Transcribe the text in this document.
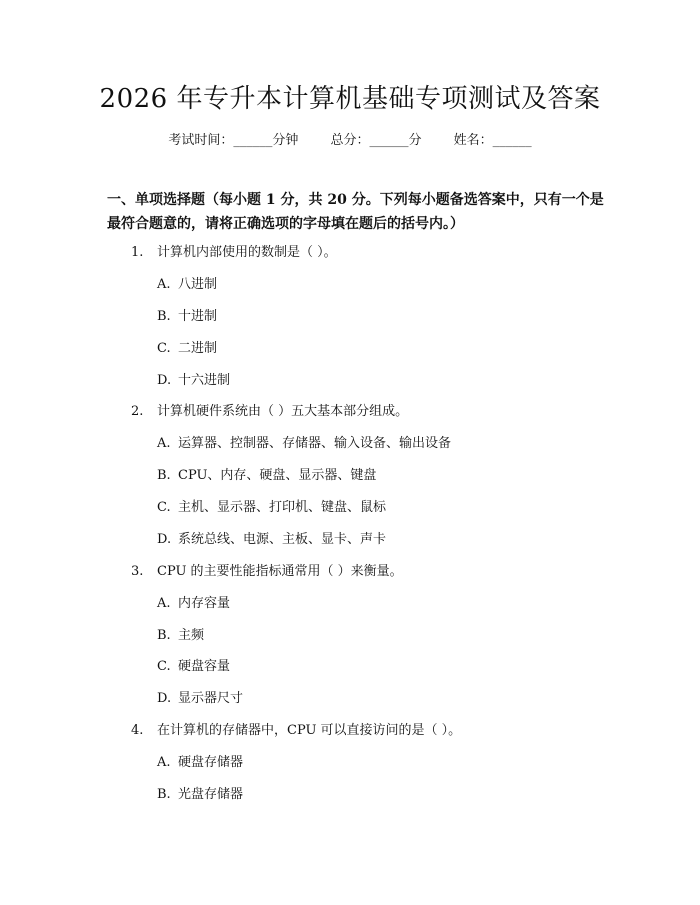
2026 年专升本计算机基础专项测试及答案
考试时间：______分钟 总分：______分 姓名：______
一、单项选择题（每小题 1 分，共 20 分。下列每小题备选答案中，只有一个是最符合题意的，请将正确选项的字母填在题后的括号内。）
1. 计算机内部使用的数制是（ ）。
A. 八进制
B. 十进制
C. 二进制
D. 十六进制
2. 计算机硬件系统由（ ）五大基本部分组成。
A. 运算器、控制器、存储器、输入设备、输出设备
B. CPU、内存、硬盘、显示器、键盘
C. 主机、显示器、打印机、键盘、鼠标
D. 系统总线、电源、主板、显卡、声卡
3. CPU 的主要性能指标通常用（ ）来衡量。
A. 内存容量
B. 主频
C. 硬盘容量
D. 显示器尺寸
4. 在计算机的存储器中，CPU 可以直接访问的是（ ）。
A. 硬盘存储器
B. 光盘存储器
